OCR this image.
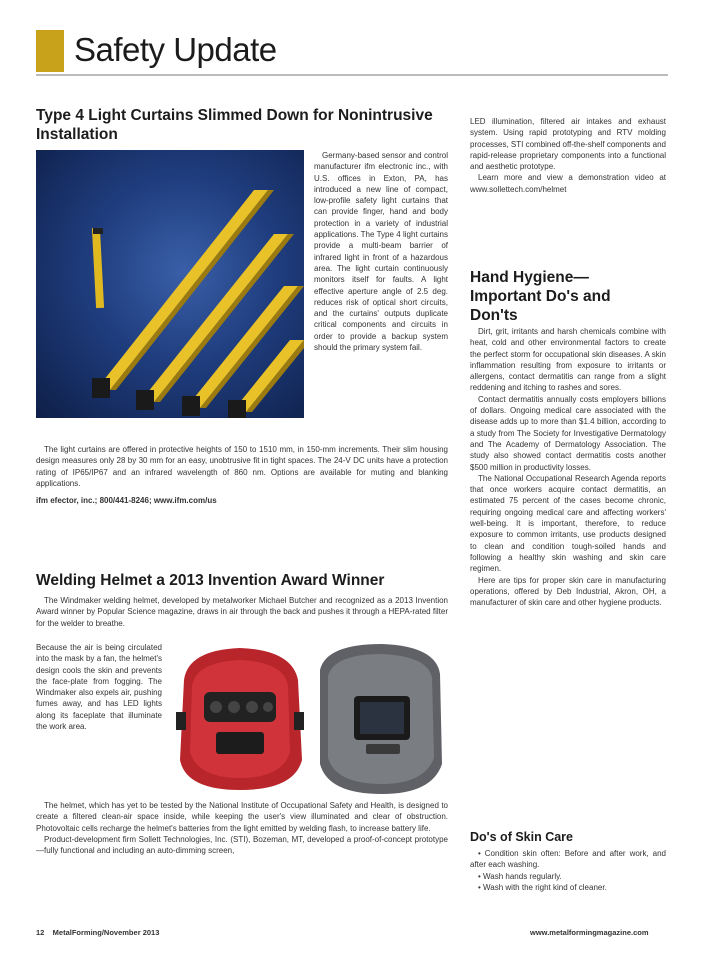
Safety Update
Type 4 Light Curtains Slimmed Down for Nonintrusive Installation

Germany-based sensor and control manufacturer ifm electronic inc., with U.S. offices in Exton, PA, has introduced a new line of compact, low-profile safety light curtains that can provide finger, hand and body protection in a variety of industrial applications. The Type 4 light curtains provide a multi-beam barrier of infrared light in front of a hazardous area. The light curtain continuously monitors itself for faults. A light effective aperture angle of 2.5 deg. reduces risk of optical short circuits, and the curtains' outputs duplicate critical components and circuits in order to provide a backup system should the primary system fail.

The light curtains are offered in protective heights of 150 to 1510 mm, in 150-mm increments. Their slim housing design measures only 28 by 30 mm for an easy, unobtrusive fit in tight spaces. The 24-V DC units have a protection rating of IP65/IP67 and an infrared wavelength of 860 nm. Options are available for muting and blanking applications.

ifm efector, inc.; 800/441-8246; www.ifm.com/us

Welding Helmet a 2013 Invention Award Winner

The Windmaker welding helmet, developed by metalworker Michael Butcher and recognized as a 2013 Invention Award winner by Popular Science magazine, draws in air through the back and pushes it through a HEPA-rated filter for the welder to breathe.

Because the air is being circulated into the mask by a fan, the helmet's design cools the skin and prevents the face-plate from fogging. The Windmaker also expels air, pushing fumes away, and has LED lights along its faceplate that illuminate the work area.

The helmet, which has yet to be tested by the National Institute of Occupational Safety and Health, is designed to create a filtered clean-air space inside, while keeping the user's view illuminated and clear of obstruction. Photovoltaic cells recharge the helmet's batteries from the light emitted by welding flash, to increase battery life.

Product-development firm Sollett Technologies, Inc. (STI), Bozeman, MT, developed a proof-of-concept prototype—fully functional and including an auto-dimming screen,

LED illumination, filtered air intakes and exhaust system. Using rapid prototyping and RTV molding processes, STI combined off-the-shelf components and rapid-release proprietary components into a functional and aesthetic prototype.

Learn more and view a demonstration video at www.sollettech.com/helmet

Hand Hygiene—Important Do's and Don'ts

Dirt, grit, irritants and harsh chemicals combine with heat, cold and other environmental factors to create the perfect storm for occupational skin diseases. A skin inflammation resulting from exposure to irritants or allergens, contact dermatitis can range from a slight reddening and itching to rashes and sores.

Contact dermatitis annually costs employers billions of dollars. Ongoing medical care associated with the disease adds up to more than $1.4 billion, according to a study from The Society for Investigative Dermatology and The Academy of Dermatology Association. The study also showed contact dermatitis costs another $500 million in productivity losses.

The National Occupational Research Agenda reports that once workers acquire contact dermatitis, an estimated 75 percent of the cases become chronic, requiring ongoing medical care and affecting workers' well-being. It is important, therefore, to reduce exposure to common irritants, use products designed to clean and condition tough-soiled hands and following a healthy skin washing and skin care regimen.

Here are tips for proper skin care in manufacturing operations, offered by Deb Industrial, Akron, OH, a manufacturer of skin care and other hygiene products.

Do's of Skin Care

• Condition skin often: Before and after work, and after each washing.

• Wash hands regularly.

• Wash with the right kind of cleaner.

12    MetalForming/November 2013	www.metalformingmagazine.com
